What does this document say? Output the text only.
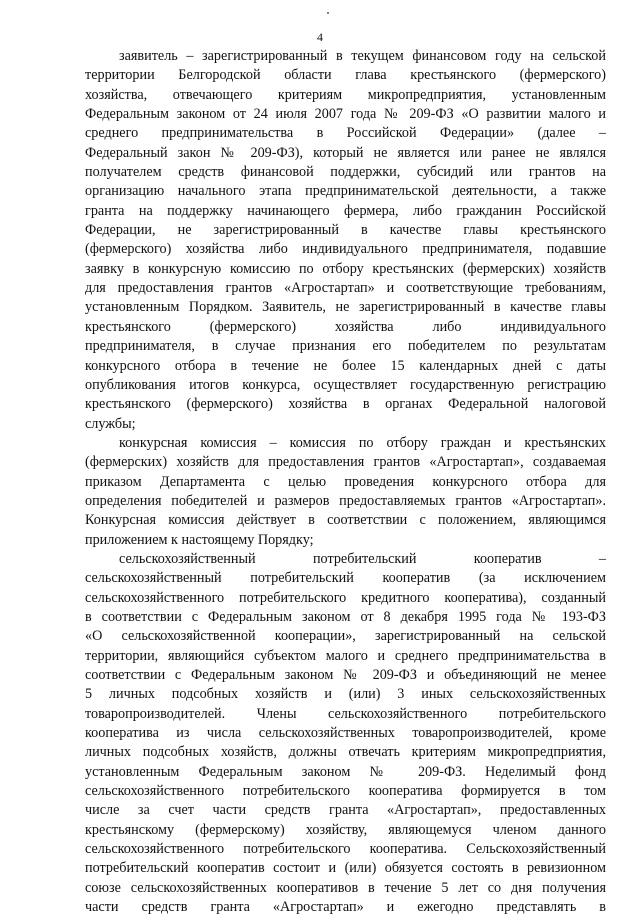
4
заявитель – зарегистрированный в текущем финансовом году на сельской
территории Белгородской области глава крестьянского (фермерского)
хозяйства, отвечающего критериям микропредприятия, установленным
Федеральным законом от 24 июля 2007 года № 209-ФЗ «О развитии малого и
среднего предпринимательства в Российской Федерации» (далее –
Федеральный закон № 209-ФЗ), который не является или ранее не являлся
получателем средств финансовой поддержки, субсидий или грантов на
организацию начального этапа предпринимательской деятельности, а также
гранта на поддержку начинающего фермера, либо гражданин Российской
Федерации, не зарегистрированный в качестве главы крестьянского
(фермерского) хозяйства либо индивидуального предпринимателя, подавшие
заявку в конкурсную комиссию по отбору крестьянских (фермерских) хозяйств
для предоставления грантов «Агростартап» и соответствующие требованиям,
установленным Порядком. Заявитель, не зарегистрированный в качестве главы
крестьянского (фермерского) хозяйства либо индивидуального
предпринимателя, в случае признания его победителем по результатам
конкурсного отбора в течение не более 15 календарных дней с даты
опубликования итогов конкурса, осуществляет государственную регистрацию
крестьянского (фермерского) хозяйства в органах Федеральной налоговой
службы;
конкурсная комиссия – комиссия по отбору граждан и крестьянских
(фермерских) хозяйств для предоставления грантов «Агростартап», создаваемая
приказом Департамента с целью проведения конкурсного отбора для
определения победителей и размеров предоставляемых грантов «Агростартап».
Конкурсная комиссия действует в соответствии с положением, являющимся
приложением к настоящему Порядку;
сельскохозяйственный потребительский кооператив –
сельскохозяйственный потребительский кооператив (за исключением
сельскохозяйственного потребительского кредитного кооператива), созданный
в соответствии с Федеральным законом от 8 декабря 1995 года № 193-ФЗ
«О сельскохозяйственной кооперации», зарегистрированный на сельской
территории, являющийся субъектом малого и среднего предпринимательства в
соответствии с Федеральным законом № 209-ФЗ и объединяющий не менее
5 личных подсобных хозяйств и (или) 3 иных сельскохозяйственных
товаропроизводителей. Члены сельскохозяйственного потребительского
кооператива из числа сельскохозяйственных товаропроизводителей, кроме
личных подсобных хозяйств, должны отвечать критериям микропредприятия,
установленным Федеральным законом № 209-ФЗ. Неделимый фонд
сельскохозяйственного потребительского кооператива формируется в том
числе за счет части средств гранта «Агростартап», предоставленных
крестьянскому (фермерскому) хозяйству, являющемуся членом данного
сельскохозяйственного потребительского кооператива. Сельскохозяйственный
потребительский кооператив состоит и (или) обязуется состоять в ревизионном
союзе сельскохозяйственных кооперативов в течение 5 лет со дня получения
части средств гранта «Агростартап» и ежегодно представлять в
